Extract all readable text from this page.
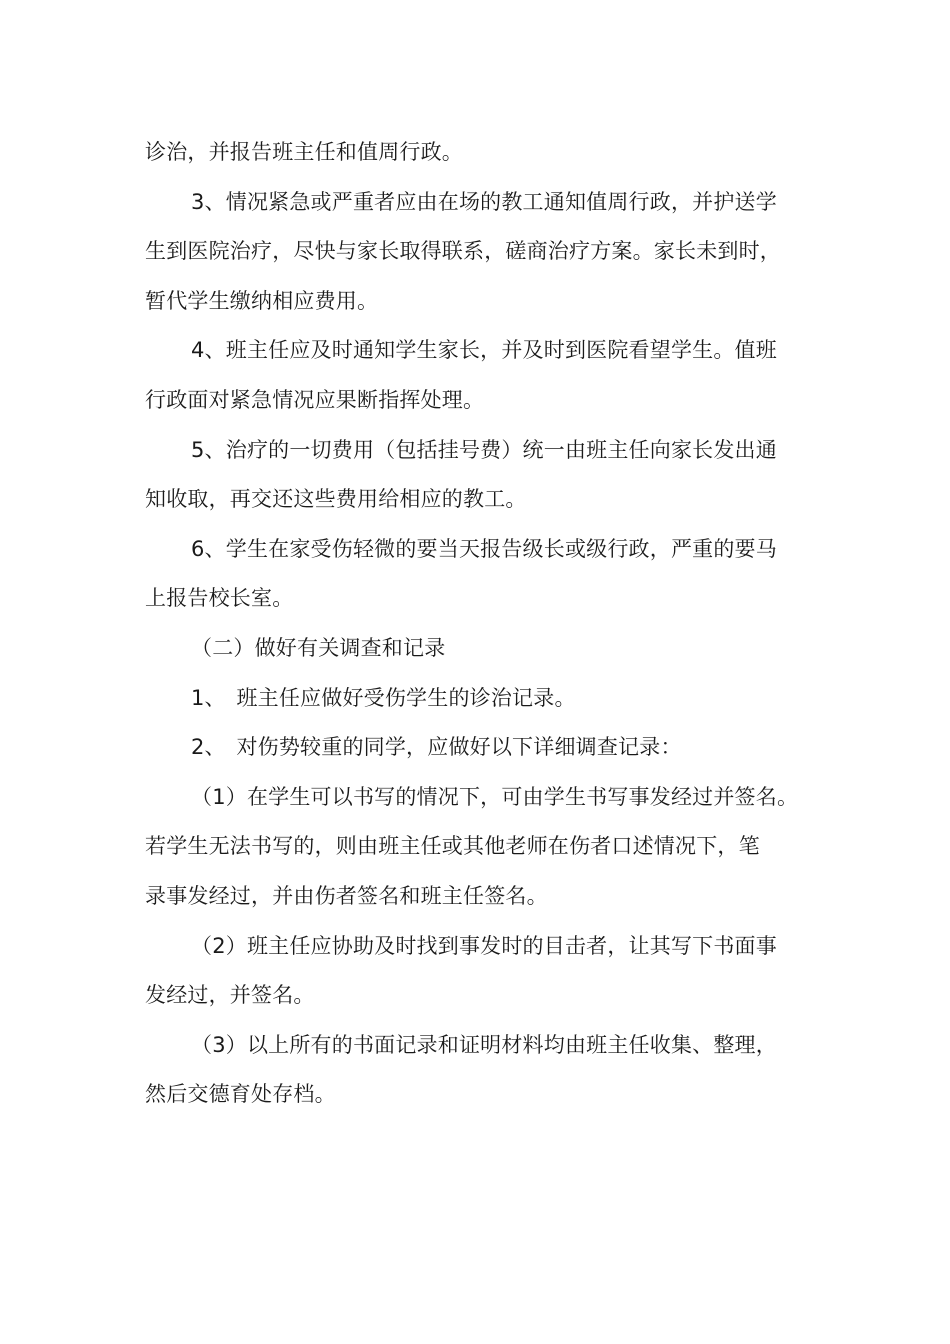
诊治，并报告班主任和值周行政。
3、情况紧急或严重者应由在场的教工通知值周行政，并护送学
生到医院治疗，尽快与家长取得联系，磋商治疗方案。家长未到时，
暂代学生缴纳相应费用。
4、班主任应及时通知学生家长，并及时到医院看望学生。值班
行政面对紧急情况应果断指挥处理。
5、治疗的一切费用（包括挂号费）统一由班主任向家长发出通
知收取，再交还这些费用给相应的教工。
6、学生在家受伤轻微的要当天报告级长或级行政，严重的要马
上报告校长室。
（二）做好有关调查和记录
1、　班主任应做好受伤学生的诊治记录。
2、　对伤势较重的同学，应做好以下详细调查记录：
（1）在学生可以书写的情况下，可由学生书写事发经过并签名。
若学生无法书写的，则由班主任或其他老师在伤者口述情况下，笔
录事发经过，并由伤者签名和班主任签名。
（2）班主任应协助及时找到事发时的目击者，让其写下书面事
发经过，并签名。
（3）以上所有的书面记录和证明材料均由班主任收集、整理，
然后交德育处存档。
